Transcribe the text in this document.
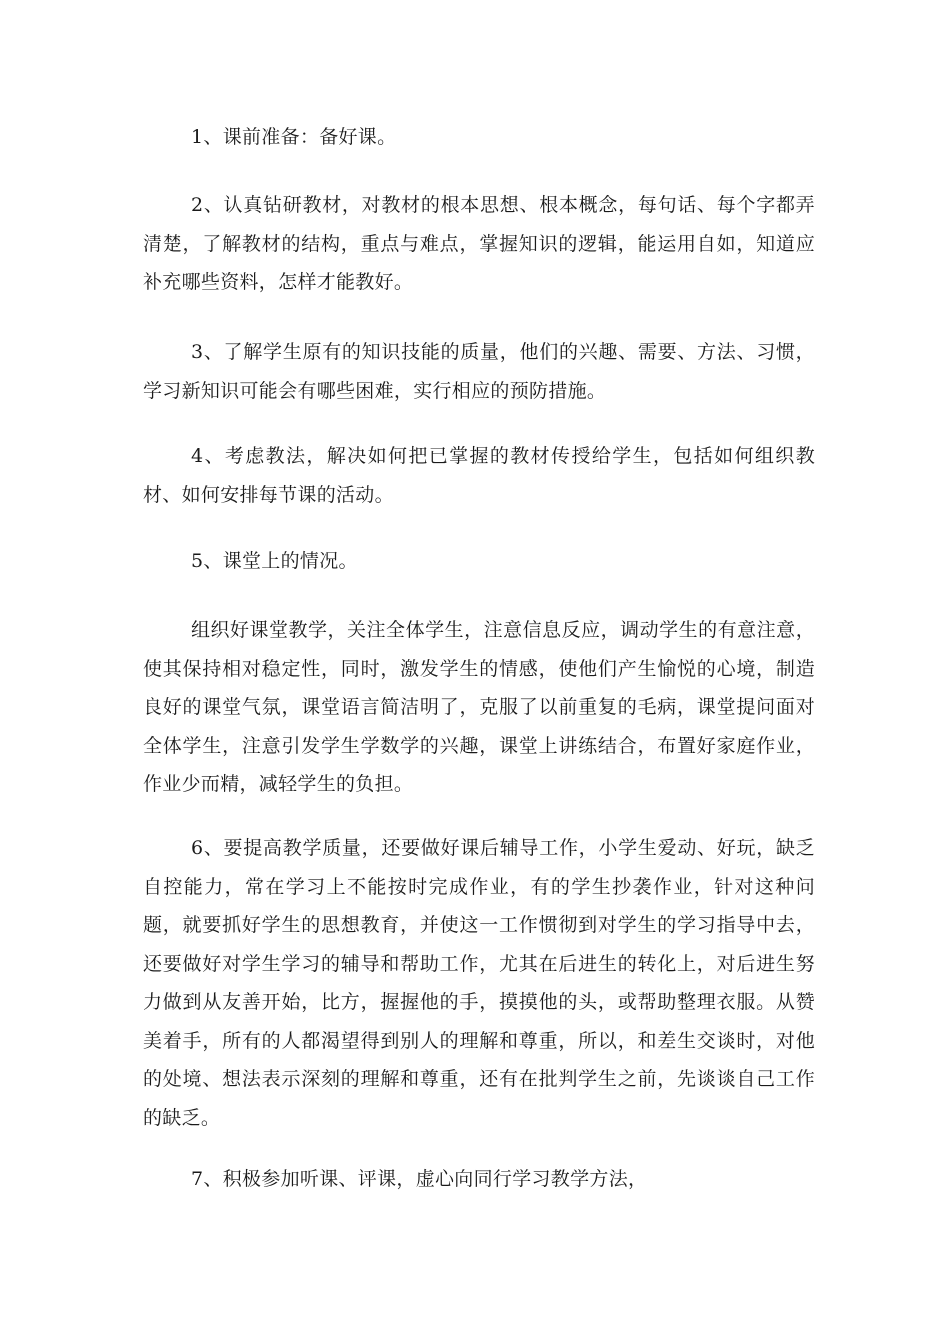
1、课前准备：备好课。

2、认真钻研教材，对教材的根本思想、根本概念，每句话、每个字都弄清楚，了解教材的结构，重点与难点，掌握知识的逻辑，能运用自如，知道应补充哪些资料，怎样才能教好。

3、了解学生原有的知识技能的质量，他们的兴趣、需要、方法、习惯，学习新知识可能会有哪些困难，实行相应的预防措施。

4、考虑教法，解决如何把已掌握的教材传授给学生，包括如何组织教材、如何安排每节课的活动。

5、课堂上的情况。

组织好课堂教学，关注全体学生，注意信息反应，调动学生的有意注意，使其保持相对稳定性，同时，激发学生的情感，使他们产生愉悦的心境，制造良好的课堂气氛，课堂语言简洁明了，克服了以前重复的毛病，课堂提问面对全体学生，注意引发学生学数学的兴趣，课堂上讲练结合，布置好家庭作业，作业少而精，减轻学生的负担。

6、要提高教学质量，还要做好课后辅导工作，小学生爱动、好玩，缺乏自控能力，常在学习上不能按时完成作业，有的学生抄袭作业，针对这种问题，就要抓好学生的思想教育，并使这一工作惯彻到对学生的学习指导中去，还要做好对学生学习的辅导和帮助工作，尤其在后进生的转化上，对后进生努力做到从友善开始，比方，握握他的手，摸摸他的头，或帮助整理衣服。从赞美着手，所有的人都渴望得到别人的理解和尊重，所以，和差生交谈时，对他的处境、想法表示深刻的理解和尊重，还有在批判学生之前，先谈谈自己工作的缺乏。

7、积极参加听课、评课，虚心向同行学习教学方法，
